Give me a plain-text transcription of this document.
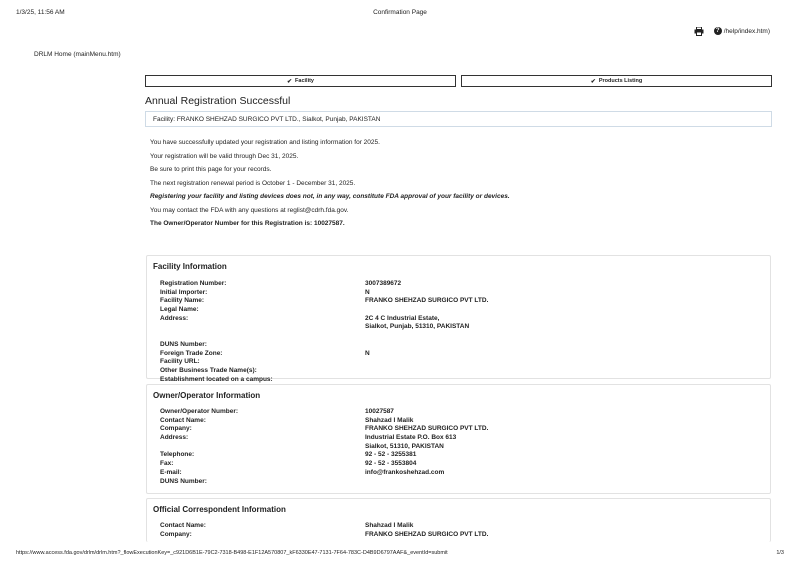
1/3/25, 11:56 AM	Confirmation Page
? /help/index.htm)
DRLM Home (mainMenu.htm)
✔ Facility	✔ Products Listing
Annual Registration Successful
Facility: FRANKO SHEHZAD SURGICO PVT LTD., Sialkot, Punjab, PAKISTAN

You have successfully updated your registration and listing information for 2025.

Your registration will be valid through Dec 31, 2025.

Be sure to print this page for your records.

The next registration renewal period is October 1 - December 31, 2025.

Registering your facility and listing devices does not, in any way, constitute FDA approval of your facility or devices.

You may contact the FDA with any questions at reglist@cdrh.fda.gov.

The Owner/Operator Number for this Registration is: 10027587.

Facility Information
Registration Number:	3007389672
Initial Importer:	N
Facility Name:	FRANKO SHEHZAD SURGICO PVT LTD.
Legal Name:
Address:	2C 4 C Industrial Estate,
Sialkot, Punjab, 51310, PAKISTAN
DUNS Number:
Foreign Trade Zone:	N
Facility URL:
Other Business Trade Name(s):
Establishment located on a campus:
Owner/Operator Information
Owner/Operator Number:	10027587
Contact Name:	Shahzad I Malik
Company:	FRANKO SHEHZAD SURGICO PVT LTD.
Address:	Industrial Estate P.O. Box 613
Sialkot, 51310, PAKISTAN
Telephone:	92 - 52 - 3255381
Fax:	92 - 52 - 3553804
E-mail:	info@frankoshehzad.com
DUNS Number:
Official Correspondent Information
Contact Name:	Shahzad I Malik
Company:	FRANKO SHEHZAD SURGICO PVT LTD.
https://www.access.fda.gov/drlm/drlm.htm?_flowExecutionKey=_c921D6B1E-79C2-7318-B498-E1F12A570807_kF6330E47-7131-7F64-783C-D4B9D6797AAF&_eventId=submit	1/3
